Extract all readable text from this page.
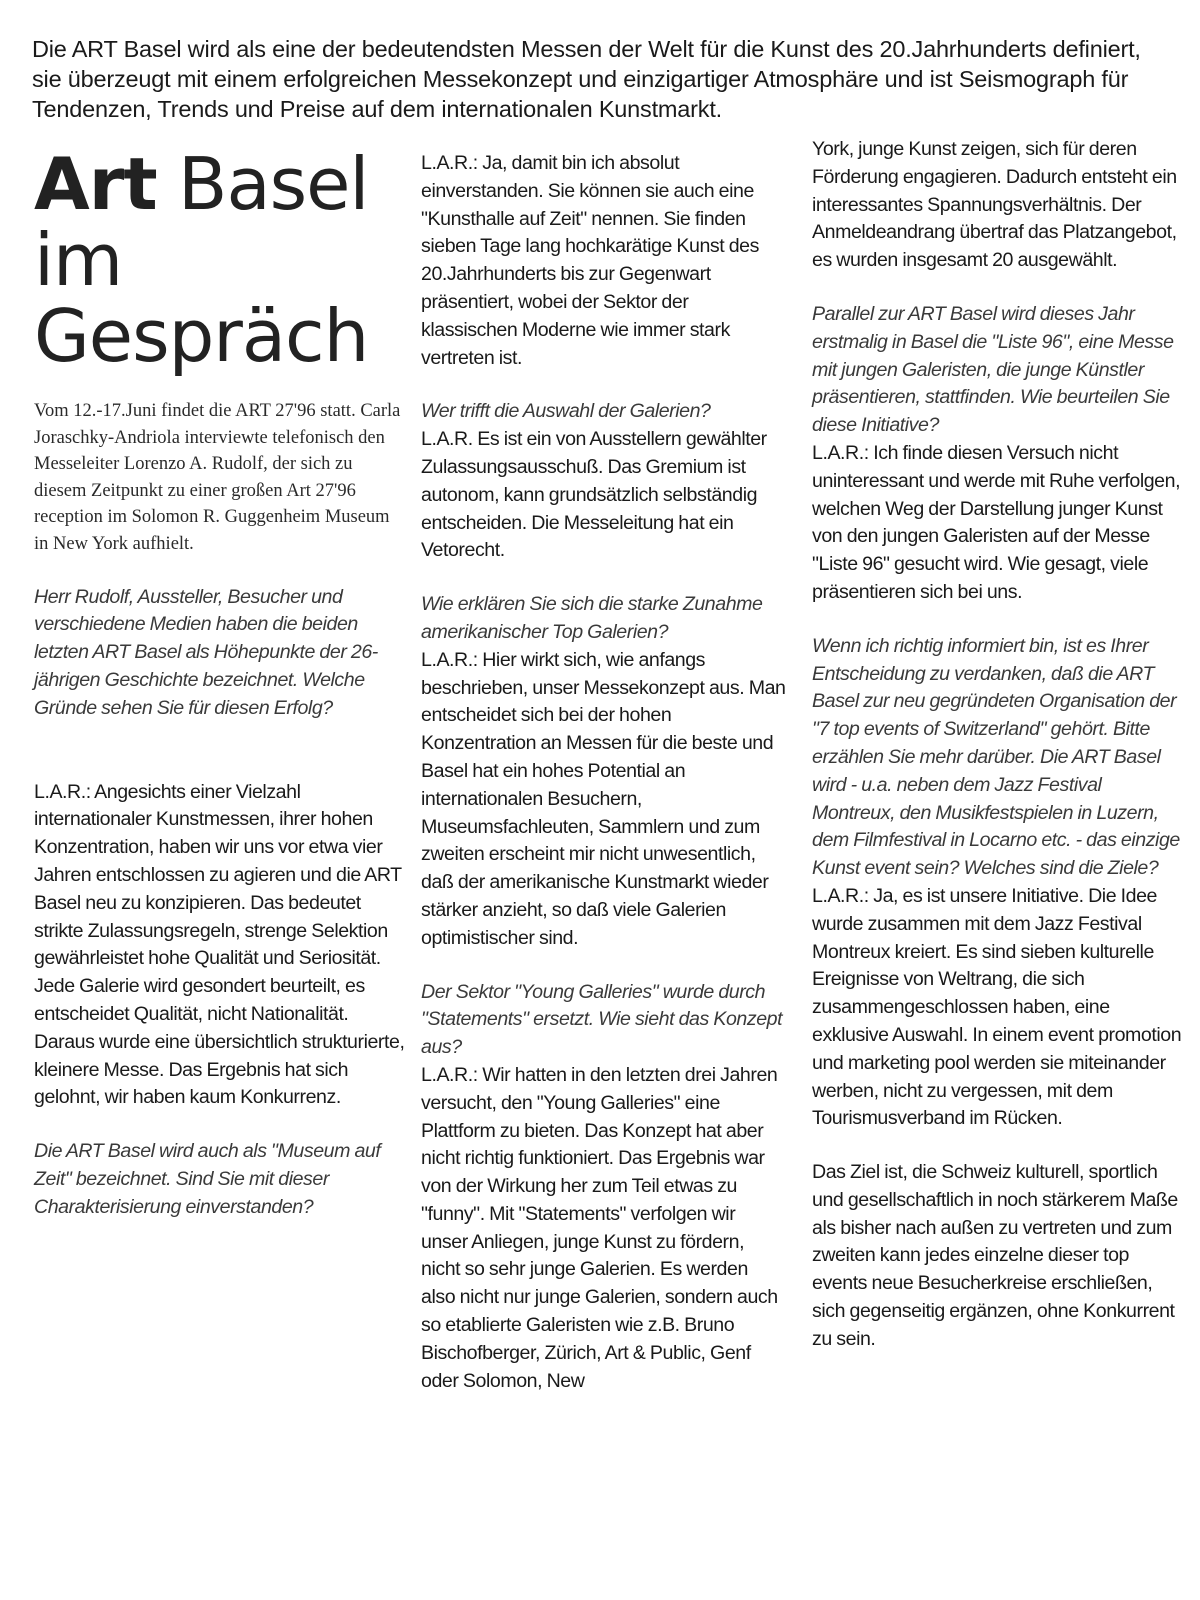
Die ART Basel wird als eine der bedeutendsten Messen der Welt für die Kunst des 20.Jahrhunderts definiert, sie überzeugt mit einem erfolgreichen Messekonzept und einzigartiger Atmosphäre und ist Seismograph für Tendenzen, Trends und Preise auf dem internationalen Kunstmarkt.

Art Basel
im
Gespräch

Vom 12.-17.Juni findet die ART 27'96 statt. Carla Joraschky-Andriola interviewte telefonisch den Messeleiter Lorenzo A. Rudolf, der sich zu diesem Zeitpunkt zu einer großen Art 27'96 reception im Solomon R. Guggenheim Museum in New York aufhielt.

Herr Rudolf, Aussteller, Besucher und verschiedene Medien haben die beiden letzten ART Basel als Höhepunkte der 26-jährigen Geschichte bezeichnet. Welche Gründe sehen Sie für diesen Erfolg?

L.A.R.: Angesichts einer Vielzahl internationaler Kunstmessen, ihrer hohen Konzentration, haben wir uns vor etwa vier Jahren entschlossen zu agieren und die ART Basel neu zu konzipieren. Das bedeutet strikte Zulassungsregeln, strenge Selektion gewährleistet hohe Qualität und Seriosität. Jede Galerie wird gesondert beurteilt, es entscheidet Qualität, nicht Nationalität. Daraus wurde eine übersichtlich strukturierte, kleinere Messe. Das Ergebnis hat sich gelohnt, wir haben kaum Konkurrenz.

Die ART Basel wird auch als "Museum auf Zeit" bezeichnet. Sind Sie mit dieser Charakterisierung einverstanden?

L.A.R.: Ja, damit bin ich absolut einverstanden. Sie können sie auch eine "Kunsthalle auf Zeit" nennen. Sie finden sieben Tage lang hochkarätige Kunst des 20.Jahrhunderts bis zur Gegenwart präsentiert, wobei der Sektor der klassischen Moderne wie immer stark vertreten ist.

Wer trifft die Auswahl der Galerien?

L.A.R. Es ist ein von Ausstellern gewählter Zulassungsausschuß. Das Gremium ist autonom, kann grundsätzlich selbständig entscheiden. Die Messeleitung hat ein Vetorecht.

Wie erklären Sie sich die starke Zunahme amerikanischer Top Galerien?

L.A.R.: Hier wirkt sich, wie anfangs beschrieben, unser Messekonzept aus. Man entscheidet sich bei der hohen Konzentration an Messen für die beste und Basel hat ein hohes Potential an internationalen Besuchern, Museumsfachleuten, Sammlern und zum zweiten erscheint mir nicht unwesentlich, daß der amerikanische Kunstmarkt wieder stärker anzieht, so daß viele Galerien optimistischer sind.

Der Sektor "Young Galleries" wurde durch "Statements" ersetzt. Wie sieht das Konzept aus?

L.A.R.: Wir hatten in den letzten drei Jahren versucht, den "Young Galleries" eine Plattform zu bieten. Das Konzept hat aber nicht richtig funktioniert. Das Ergebnis war von der Wirkung her zum Teil etwas zu "funny". Mit "Statements" verfolgen wir unser Anliegen, junge Kunst zu fördern, nicht so sehr junge Galerien. Es werden also nicht nur junge Galerien, sondern auch so etablierte Galeristen wie z.B. Bruno Bischofberger, Zürich, Art & Public, Genf oder Solomon, New

York, junge Kunst zeigen, sich für deren Förderung engagieren. Dadurch entsteht ein interessantes Spannungsverhältnis. Der Anmeldeandrang übertraf das Platzangebot, es wurden insgesamt 20 ausgewählt.

Parallel zur ART Basel wird dieses Jahr erstmalig in Basel die "Liste 96", eine Messe mit jungen Galeristen, die junge Künstler präsentieren, stattfinden. Wie beurteilen Sie diese Initiative?

L.A.R.: Ich finde diesen Versuch nicht uninteressant und werde mit Ruhe verfolgen, welchen Weg der Darstellung junger Kunst von den jungen Galeristen auf der Messe "Liste 96" gesucht wird. Wie gesagt, viele präsentieren sich bei uns.

Wenn ich richtig informiert bin, ist es Ihrer Entscheidung zu verdanken, daß die ART Basel zur neu gegründeten Organisation der "7 top events of Switzerland" gehört. Bitte erzählen Sie mehr darüber. Die ART Basel wird - u.a. neben dem Jazz Festival Montreux, den Musikfestspielen in Luzern, dem Filmfestival in Locarno etc. - das einzige Kunst event sein? Welches sind die Ziele?

L.A.R.: Ja, es ist unsere Initiative. Die Idee wurde zusammen mit dem Jazz Festival Montreux kreiert. Es sind sieben kulturelle Ereignisse von Weltrang, die sich zusammengeschlossen haben, eine exklusive Auswahl. In einem event promotion und marketing pool werden sie miteinander werben, nicht zu vergessen, mit dem Tourismusverband im Rücken.

Das Ziel ist, die Schweiz kulturell, sportlich und gesellschaftlich in noch stärkerem Maße als bisher nach außen zu vertreten und zum zweiten kann jedes einzelne dieser top events neue Besucherkreise erschließen, sich gegenseitig ergänzen, ohne Konkurrent zu sein.
